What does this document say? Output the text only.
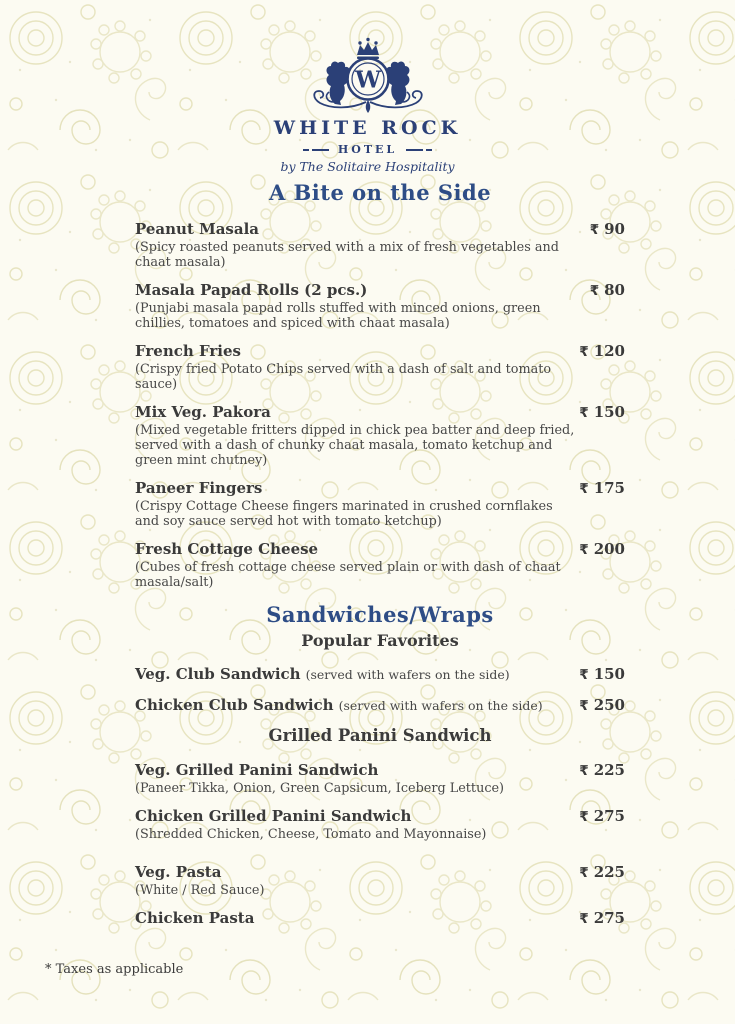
W
WHITE ROCK
HOTEL
by The Solitaire Hospitality
A Bite on the Side
Peanut Masala	₹ 90
(Spicy roasted peanuts served with a mix of fresh vegetables and chaat masala)
Masala Papad Rolls (2 pcs.)	₹ 80
(Punjabi masala papad rolls stuffed with minced onions, green chillies, tomatoes and spiced with chaat masala)
French Fries	₹ 120
(Crispy fried Potato Chips served with a dash of salt and tomato sauce)
Mix Veg. Pakora	₹ 150
(Mixed vegetable fritters dipped in chick pea batter and deep fried, served with a dash of chunky chaat masala, tomato ketchup and green mint chutney)
Paneer Fingers	₹ 175
(Crispy Cottage Cheese fingers marinated in crushed cornflakes and soy sauce served hot with tomato ketchup)
Fresh Cottage Cheese	₹ 200
(Cubes of fresh cottage cheese served plain or with dash of chaat masala/salt)
Sandwiches/Wraps
Popular Favorites
Veg. Club Sandwich (served with wafers on the side)	₹ 150
Chicken Club Sandwich (served with wafers on the side)	₹ 250
Grilled Panini Sandwich
Veg. Grilled Panini Sandwich	₹ 225
(Paneer Tikka, Onion, Green Capsicum, Iceberg Lettuce)
Chicken Grilled Panini Sandwich	₹ 275
(Shredded Chicken, Cheese, Tomato and Mayonnaise)
Veg. Pasta	₹ 225
(White / Red Sauce)
Chicken Pasta	₹ 275
* Taxes as applicable
